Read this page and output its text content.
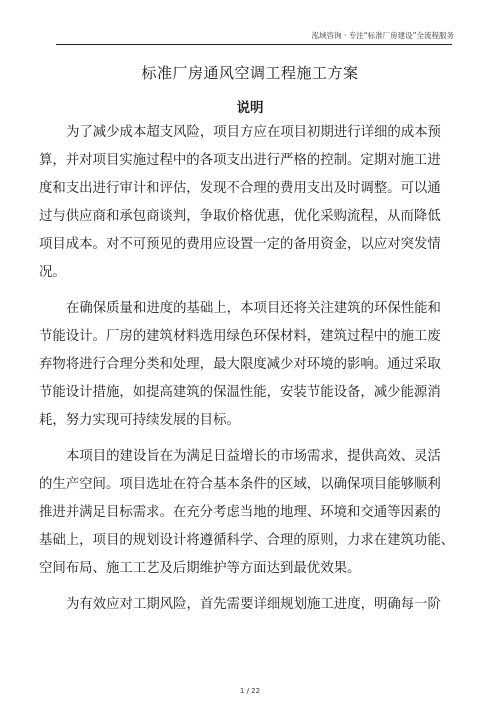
泓域咨询 · 专注“标准厂房建设”全流程服务
标准厂房通风空调工程施工方案
说明
为了减少成本超支风险，项目方应在项目初期进行详细的成本预
算，并对项目实施过程中的各项支出进行严格的控制。定期对施工进
度和支出进行审计和评估，发现不合理的费用支出及时调整。可以通
过与供应商和承包商谈判，争取价格优惠，优化采购流程，从而降低
项目成本。对不可预见的费用应设置一定的备用资金，以应对突发情
况。
在确保质量和进度的基础上，本项目还将关注建筑的环保性能和
节能设计。厂房的建筑材料选用绿色环保材料，建筑过程中的施工废
弃物将进行合理分类和处理，最大限度减少对环境的影响。通过采取
节能设计措施，如提高建筑的保温性能，安装节能设备，减少能源消
耗，努力实现可持续发展的目标。
本项目的建设旨在为满足日益增长的市场需求，提供高效、灵活
的生产空间。项目选址在符合基本条件的区域，以确保项目能够顺利
推进并满足目标需求。在充分考虑当地的地理、环境和交通等因素的
基础上，项目的规划设计将遵循科学、合理的原则，力求在建筑功能、
空间布局、施工工艺及后期维护等方面达到最优效果。
为有效应对工期风险，首先需要详细规划施工进度，明确每一阶
1 / 22
